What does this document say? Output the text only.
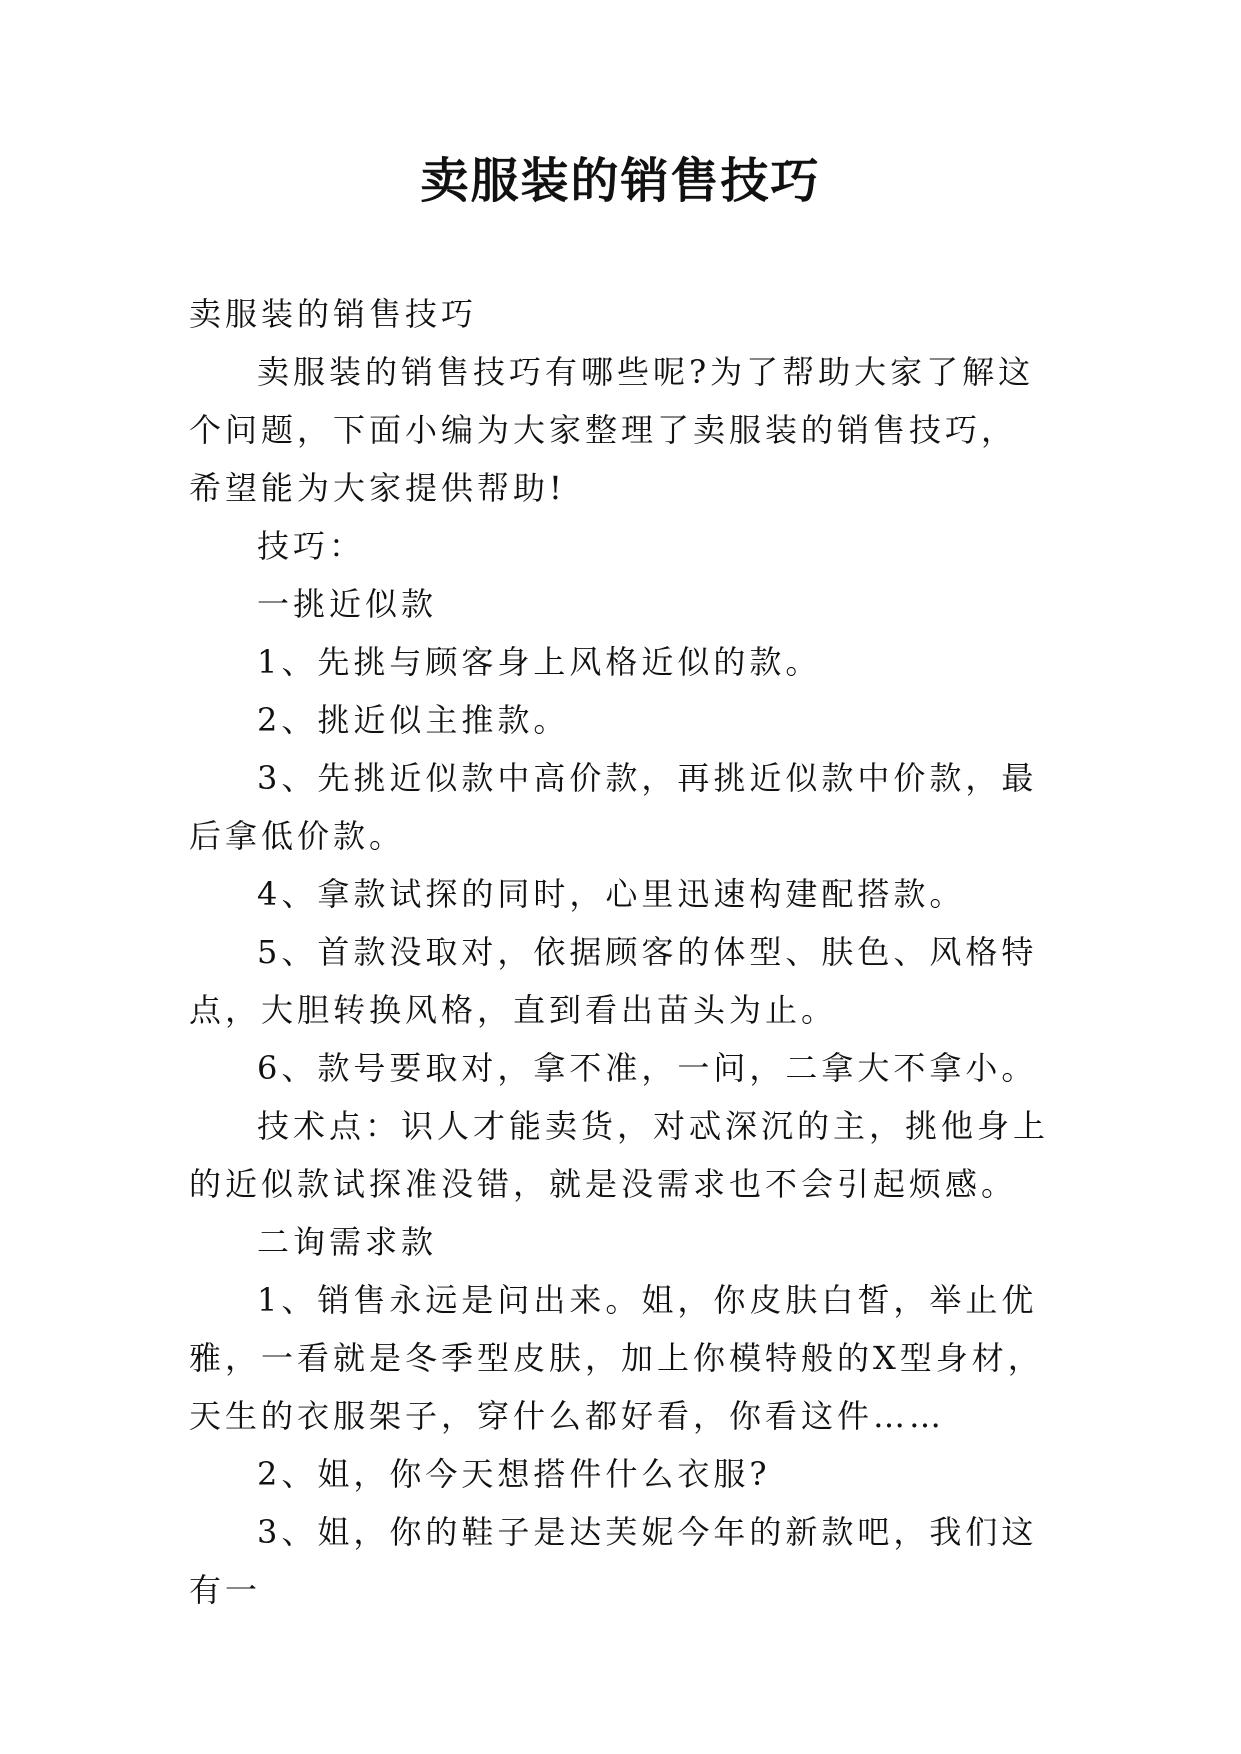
卖服装的销售技巧

卖服装的销售技巧

卖服装的销售技巧有哪些呢?为了帮助大家了解这个问题，下面小编为大家整理了卖服装的销售技巧，希望能为大家提供帮助!

技巧：

一挑近似款

1、先挑与顾客身上风格近似的款。

2、挑近似主推款。

3、先挑近似款中高价款，再挑近似款中价款，最后拿低价款。

4、拿款试探的同时，心里迅速构建配搭款。

5、首款没取对，依据顾客的体型、肤色、风格特点，大胆转换风格，直到看出苗头为止。

6、款号要取对，拿不准，一问，二拿大不拿小。

技术点：识人才能卖货，对忒深沉的主，挑他身上的近似款试探准没错，就是没需求也不会引起烦感。

二询需求款

1、销售永远是问出来。姐，你皮肤白皙，举止优雅，一看就是冬季型皮肤，加上你模特般的X型身材，天生的衣服架子，穿什么都好看，你看这件……

2、姐，你今天想搭件什么衣服?

3、姐，你的鞋子是达芙妮今年的新款吧，我们这有一
